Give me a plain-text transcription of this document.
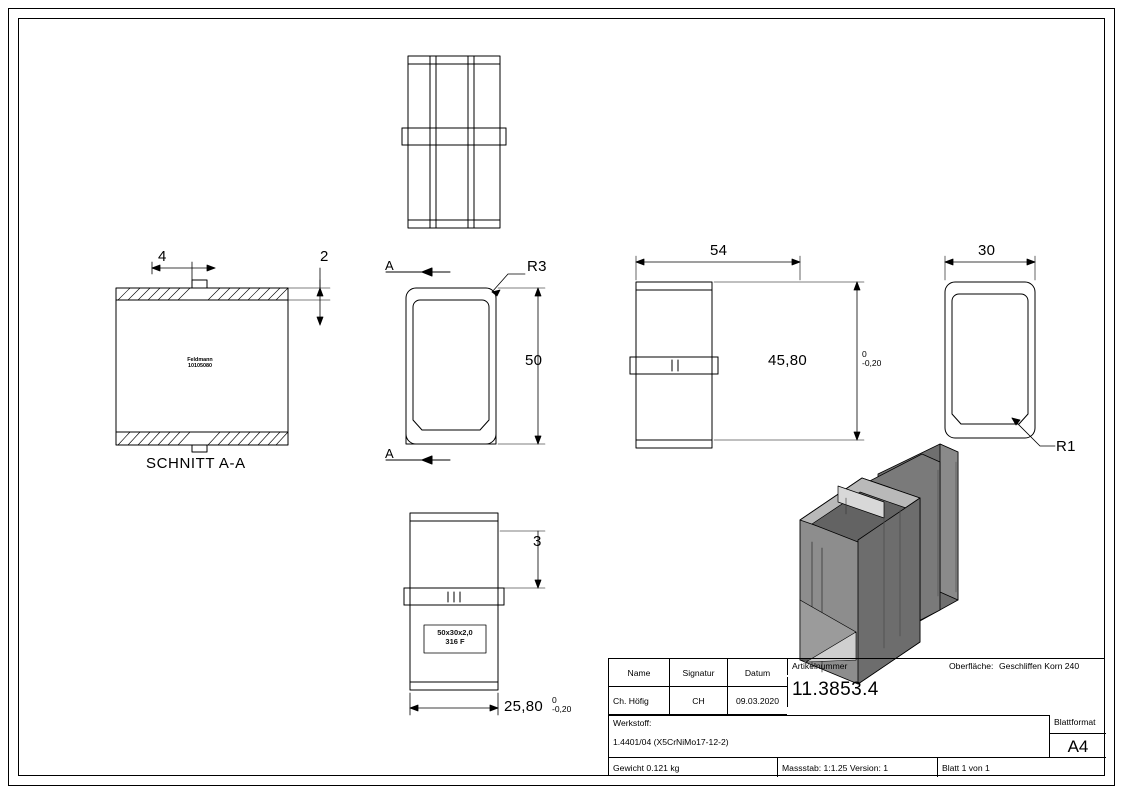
4	2
SCHNITT A-A
Feldmann
10105080
A
A
R3
50
3
50x30x2,0
316 F
25,80 0
-0,20
54
45,80	0
-0,20
30
R1
Name	Signatur	Datum
Artikelnummer	Oberfläche: Geschliffen Korn 240
Ch. Höfig	CH	09.03.2020
11.3853.4
Werkstoff:
1.4401/04 (X5CrNiMo17-12-2)
Blattformat
A4
Gewicht 0.121 kg	Massstab: 1:1.25 Version: 1	Blatt 1 von 1
